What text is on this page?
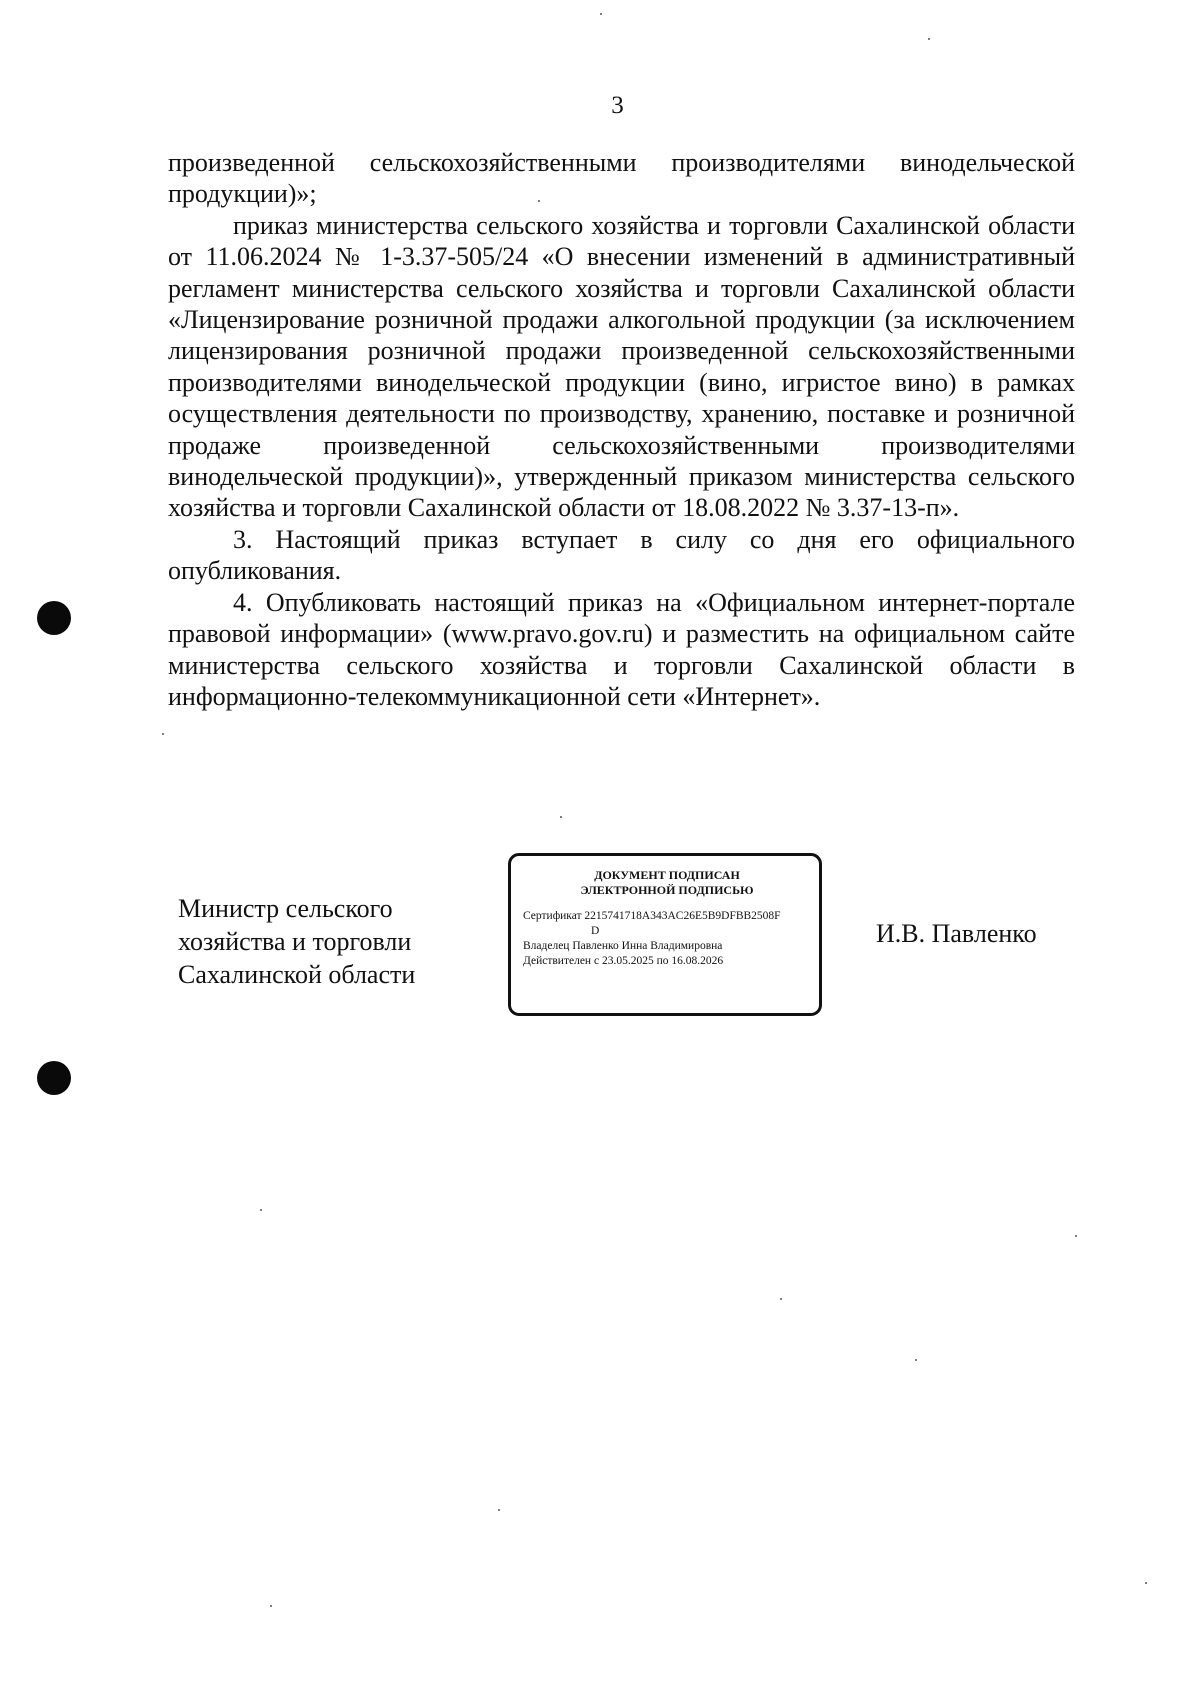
3

произведенной сельскохозяйственными производителями винодельческой продукции)»;

приказ министерства сельского хозяйства и торговли Сахалинской области от 11.06.2024 № 1-3.37-505/24 «О внесении изменений в административный регламент министерства сельского хозяйства и торговли Сахалинской области «Лицензирование розничной продажи алкогольной продукции (за исключением лицензирования розничной продажи произведенной сельскохозяйственными производителями винодельческой продукции (вино, игристое вино) в рамках осуществления деятельности по производству, хранению, поставке и розничной продаже произведенной сельскохозяйственными производителями винодельческой продукции)», утвержденный приказом министерства сельского хозяйства и торговли Сахалинской области от 18.08.2022 № 3.37-13-п».

3. Настоящий приказ вступает в силу со дня его официального опубликования.

4. Опубликовать настоящий приказ на «Официальном интернет-портале правовой информации» (www.pravo.gov.ru) и разместить на официальном сайте министерства сельского хозяйства и торговли Сахалинской области в информационно-телекоммуникационной сети «Интернет».

Министр сельского
хозяйства и торговли
Сахалинской области
ДОКУМЕНТ ПОДПИСАН
ЭЛЕКТРОННОЙ ПОДПИСЬЮ
Сертификат 2215741718A343AC26E5B9DFBB2508F
D
Владелец Павленко Инна Владимировна
Действителен с 23.05.2025 по 16.08.2026
И.В. Павленко
